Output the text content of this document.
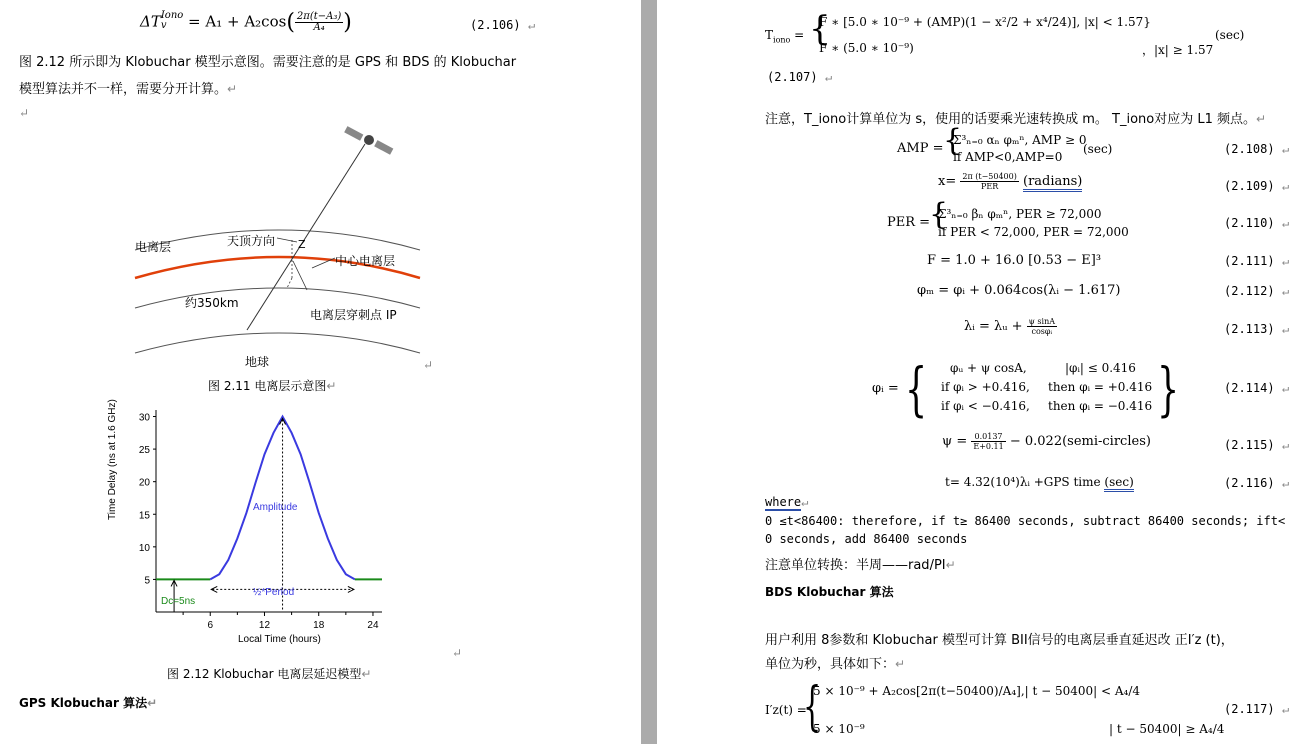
ΔT Iono
v	= $A_1 + A_2\cos( \frac{\text{2π(t−A₃)}}{\text{A₄}}$ )	(2.106) ↵
图 2.12 所示即为 Klobuchar 模型示意图。需要注意的是 GPS 和 BDS 的 Klobuchar
模型算法并不一样，需要分开计算。↵
↵
电离层	天顶方向 Z
中心电离层
约350km
电离层穿刺点 IP
地球	↵
图 2.11 电离层示意图↵
5
10
15
20
25
30
6	12	18	24
Time Delay (ns at 1.6 GHz)
Local Time (hours)
Amplitude
½*Period
Dc=5ns
↵
图 2.12 Klobuchar 电离层延迟模型↵
GPS Klobuchar 算法↵
$T_{iono}$ = {
F ∗ [5.0 ∗ 10⁻⁹ + (AMP)(1 − x²/2 + x⁴/24)], |x| < 1.57}
F ∗ (5.0 ∗ 10⁻⁹)	，|x| ≥ 1.57
(sec)
(2.107) ↵
注意，T_iono计算单位为 s，使用的话要乘光速转换成 m。 T_iono对应为 L1 频点。↵
AMP = {
Σ³ₙ₌₀ αₙ φₘⁿ, AMP ≥ 0
if AMP<0,AMP=0
(sec)	(2.108) ↵
$x= \frac{2\pi (t-50400)}{\text{PER}}$ (radians)	(2.109) ↵
PER =
{
Σ³ₙ₌₀ βₙ φₘⁿ, PER ≥ 72,000
if PER < 72,000, PER = 72,000
(2.110) ↵
F = 1.0 + 16.0 [0.53 − E]³	(2.111) ↵
φₘ = φᵢ + 0.064cos(λᵢ − 1.617)	(2.112) ↵
λᵢ = λᵤ + $\frac{\text{ψ sinA}}{\text{cosφᵢ}}$	(2.113) ↵
φᵢ = { φᵤ + ψ cosA,	|φᵢ| ≤ 0.416
if φᵢ > +0.416, then φᵢ = +0.416
if φᵢ < −0.416, then φᵢ = −0.416 }	(2.114) ↵
$\psi = \frac{0.0137}{E+0.11}$ − 0.022(semi-circles)	(2.115) ↵
t= 4.32(10⁴)λᵢ +GPS time (sec)	(2.116) ↵
where↵
0 ≤t<86400: therefore, if t≥ 86400 seconds, subtract 86400 seconds; ift<
0 seconds, add 86400 seconds
注意单位转换：半周——rad/PI↵
BDS Klobuchar 算法
用户利用 8参数和 Klobuchar 模型可计算 BII信号的电离层垂直延迟改 正I′z (t)，
单位为秒，具体如下：↵
I′z(t) =
{
5 × 10⁻⁹ + A₂cos[2π(t−50400)/A₄],| t − 50400| < A₄/4
5 × 10⁻⁹	| t − 50400| ≥ A₄/4
(2.117) ↵
